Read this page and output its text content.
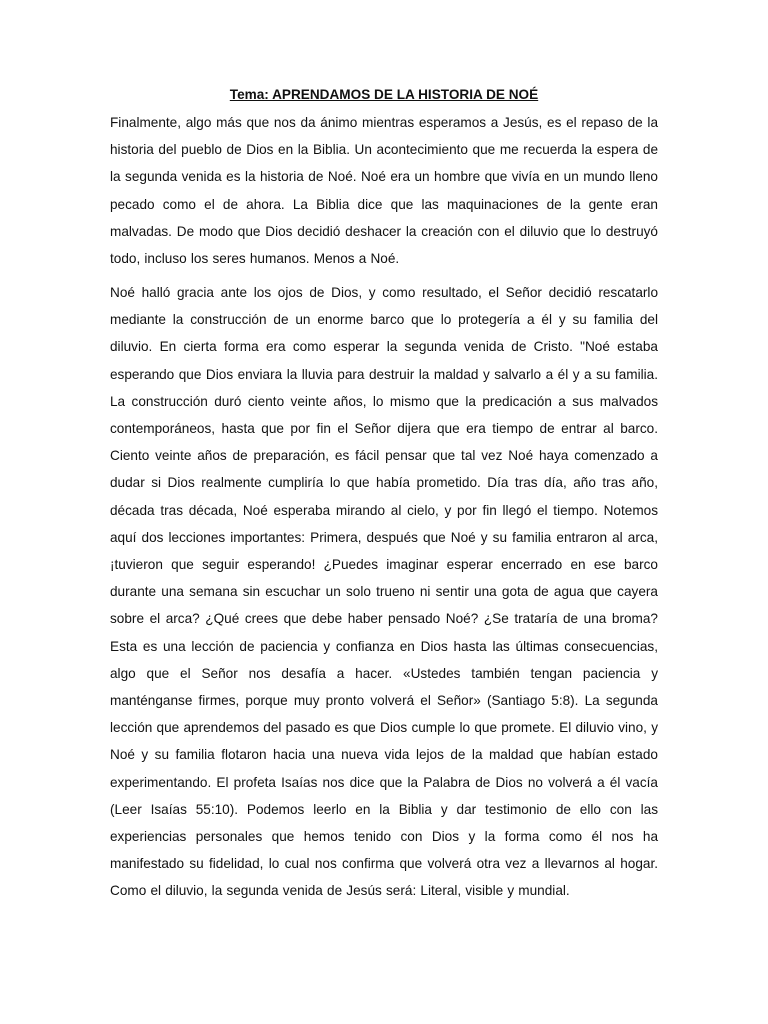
Tema: APRENDAMOS DE LA HISTORIA DE NOÉ

Finalmente, algo más que nos da ánimo mientras esperamos a Jesús, es el repaso de la historia del pueblo de Dios en la Biblia. Un acontecimiento que me recuerda la espera de la segunda venida es la historia de Noé. Noé era un hombre que vivía en un mundo lleno pecado como el de ahora. La Biblia dice que las maquinaciones de la gente eran malvadas. De modo que Dios decidió deshacer la creación con el diluvio que lo destruyó todo, incluso los seres humanos. Menos a Noé.

Noé halló gracia ante los ojos de Dios, y como resultado, el Señor decidió rescatarlo mediante la construcción de un enorme barco que lo protegería a él y su familia del diluvio. En cierta forma era como esperar la segunda venida de Cristo. "Noé estaba esperando que Dios enviara la lluvia para destruir la maldad y salvarlo a él y a su familia. La construcción duró ciento veinte años, lo mismo que la predicación a sus malvados contemporáneos, hasta que por fin el Señor dijera que era tiempo de entrar al barco. Ciento veinte años de preparación, es fácil pensar que tal vez Noé haya comenzado a dudar si Dios realmente cumpliría lo que había prometido. Día tras día, año tras año, década tras década, Noé esperaba mirando al cielo, y por fin llegó el tiempo. Notemos aquí dos lecciones importantes: Primera, después que Noé y su familia entraron al arca, ¡tuvieron que seguir esperando! ¿Puedes imaginar esperar encerrado en ese barco durante una semana sin escuchar un solo trueno ni sentir una gota de agua que cayera sobre el arca? ¿Qué crees que debe haber pensado Noé? ¿Se trataría de una broma? Esta es una lección de paciencia y confianza en Dios hasta las últimas consecuencias, algo que el Señor nos desafía a hacer. «Ustedes también tengan paciencia y manténganse firmes, porque muy pronto volverá el Señor» (Santiago 5:8). La segunda lección que aprendemos del pasado es que Dios cumple lo que promete. El diluvio vino, y Noé y su familia flotaron hacia una nueva vida lejos de la maldad que habían estado experimentando. El profeta Isaías nos dice que la Palabra de Dios no volverá a él vacía (Leer Isaías 55:10). Podemos leerlo en la Biblia y dar testimonio de ello con las experiencias personales que hemos tenido con Dios y la forma como él nos ha manifestado su fidelidad, lo cual nos confirma que volverá otra vez a llevarnos al hogar. Como el diluvio, la segunda venida de Jesús será: Literal, visible y mundial.
